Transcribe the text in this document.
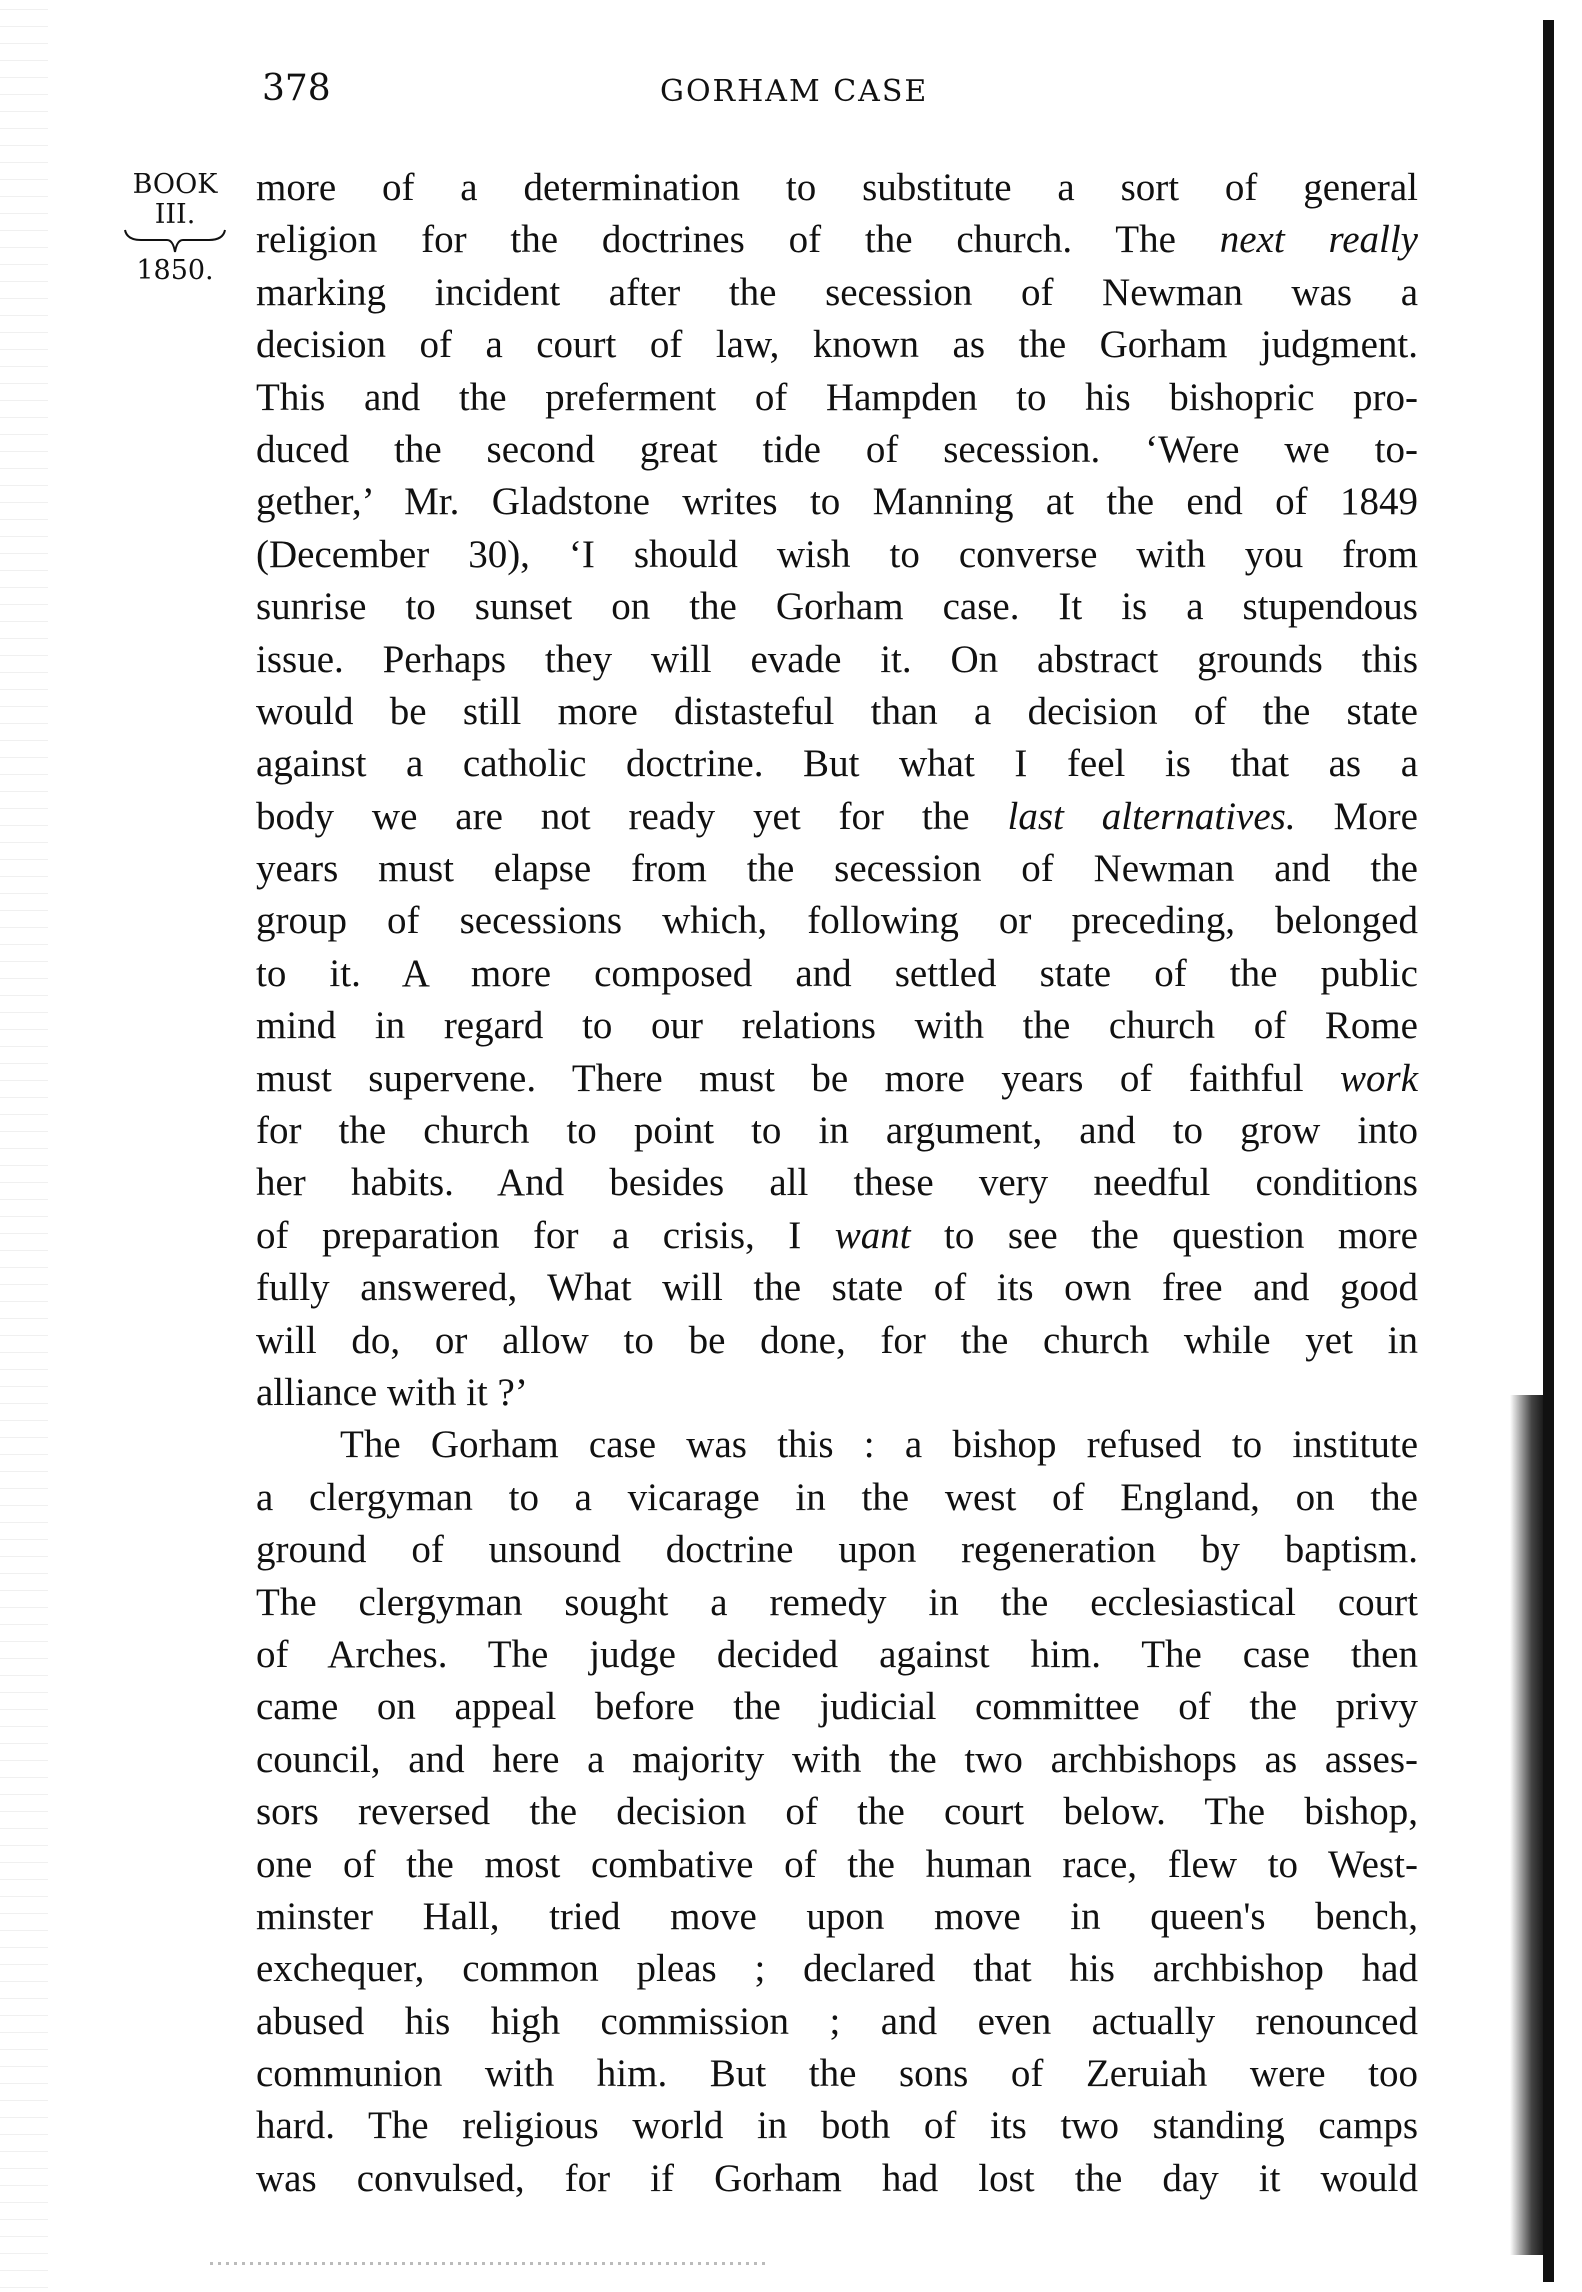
378	GORHAM CASE
BOOK
III.
1850.
more of a determination to substitute a sort of general
religion for the doctrines of the church. The next really
marking incident after the secession of Newman was a
decision of a court of law, known as the Gorham judgment.
This and the preferment of Hampden to his bishopric pro-
duced the second great tide of secession. ‘Were we to-
gether,’ Mr. Gladstone writes to Manning at the end of 1849
(December 30), ‘I should wish to converse with you from
sunrise to sunset on the Gorham case. It is a stupendous
issue. Perhaps they will evade it. On abstract grounds this
would be still more distasteful than a decision of the state
against a catholic doctrine. But what I feel is that as a
body we are not ready yet for the last alternatives. More
years must elapse from the secession of Newman and the
group of secessions which, following or preceding, belonged
to it. A more composed and settled state of the public
mind in regard to our relations with the church of Rome
must supervene. There must be more years of faithful work
for the church to point to in argument, and to grow into
her habits. And besides all these very needful conditions
of preparation for a crisis, I want to see the question more
fully answered, What will the state of its own free and good
will do, or allow to be done, for the church while yet in
alliance with it ?’
The Gorham case was this : a bishop refused to institute
a clergyman to a vicarage in the west of England, on the
ground of unsound doctrine upon regeneration by baptism.
The clergyman sought a remedy in the ecclesiastical court
of Arches. The judge decided against him. The case then
came on appeal before the judicial committee of the privy
council, and here a majority with the two archbishops as asses-
sors reversed the decision of the court below. The bishop,
one of the most combative of the human race, flew to West-
minster Hall, tried move upon move in queen's bench,
exchequer, common pleas ; declared that his archbishop had
abused his high commission ; and even actually renounced
communion with him. But the sons of Zeruiah were too
hard. The religious world in both of its two standing camps
was convulsed, for if Gorham had lost the day it would
